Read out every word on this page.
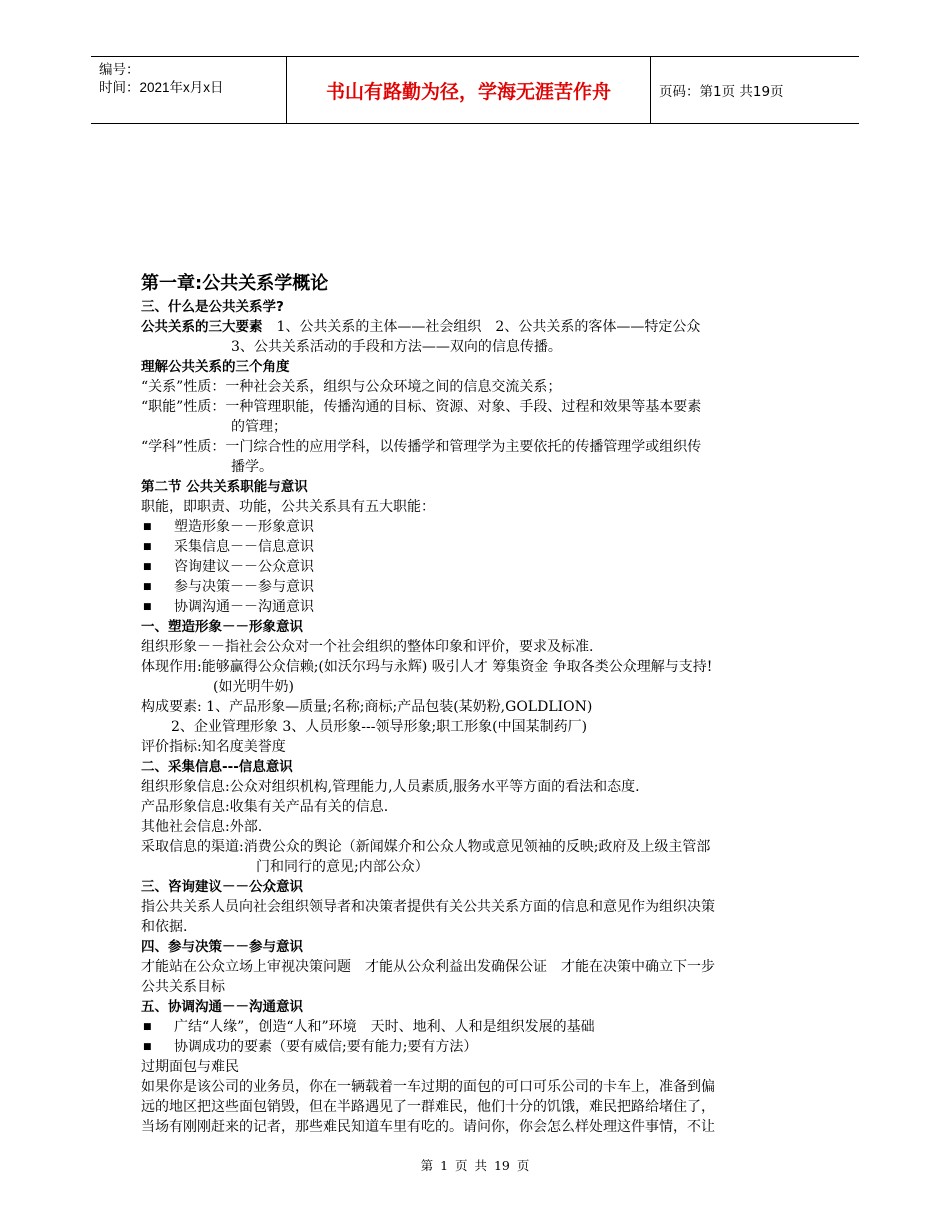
编号：
时间：2021年x月x日	书山有路勤为径，学海无涯苦作舟	页码：第1页 共19页

第一章:公共关系学概论

三、什么是公共关系学?

公共关系的三大要素　 1、公共关系的主体——社会组织　2、公共关系的客体——特定公众

3、公共关系活动的手段和方法——双向的信息传播。

理解公共关系的三个角度

“关系”性质：一种社会关系，组织与公众环境之间的信息交流关系；

“职能”性质：一种管理职能，传播沟通的目标、资源、对象、手段、过程和效果等基本要素

的管理；

“学科”性质：一门综合性的应用学科，以传播学和管理学为主要依托的传播管理学或组织传

播学。

第二节 公共关系职能与意识

职能，即职责、功能，公共关系具有五大职能：

■	塑造形象－－形象意识
■	采集信息－－信息意识
■	咨询建议－－公众意识
■	参与决策－－参与意识
■	协调沟通－－沟通意识

一、塑造形象－－形象意识

组织形象－－指社会公众对一个社会组织的整体印象和评价，要求及标准.

体现作用:能够赢得公众信赖;(如沃尔玛与永辉) 吸引人才 筹集资金 争取各类公众理解与支持!

(如光明牛奶)

构成要素: 1、产品形象—质量;名称;商标;产品包装(某奶粉,GOLDLION)

2、企业管理形象 3、人员形象---领导形象;职工形象(中国某制药厂)

评价指标:知名度美誉度

二、采集信息---信息意识

组织形象信息:公众对组织机构,管理能力,人员素质,服务水平等方面的看法和态度.

产品形象信息:收集有关产品有关的信息.

其他社会信息:外部.

采取信息的渠道:消费公众的舆论（新闻媒介和公众人物或意见领袖的反映;政府及上级主管部

门和同行的意见;内部公众）

三、咨询建议－－公众意识

指公共关系人员向社会组织领导者和决策者提供有关公共关系方面的信息和意见作为组织决策

和依据.

四、参与决策－－参与意识

才能站在公众立场上审视决策问题　才能从公众利益出发确保公证　才能在决策中确立下一步

公共关系目标

五、协调沟通－－沟通意识

■	广结“人缘”，创造“人和”环境　天时、地利、人和是组织发展的基础
■	协调成功的要素（要有威信;要有能力;要有方法）

过期面包与难民

如果你是该公司的业务员，你在一辆载着一车过期的面包的可口可乐公司的卡车上，准备到偏

远的地区把这些面包销毁，但在半路遇见了一群难民，他们十分的饥饿，难民把路给堵住了，

当场有刚刚赶来的记者，那些难民知道车里有吃的。请问你，你会怎么样处理这件事情，不让

第 1 页 共 19 页
